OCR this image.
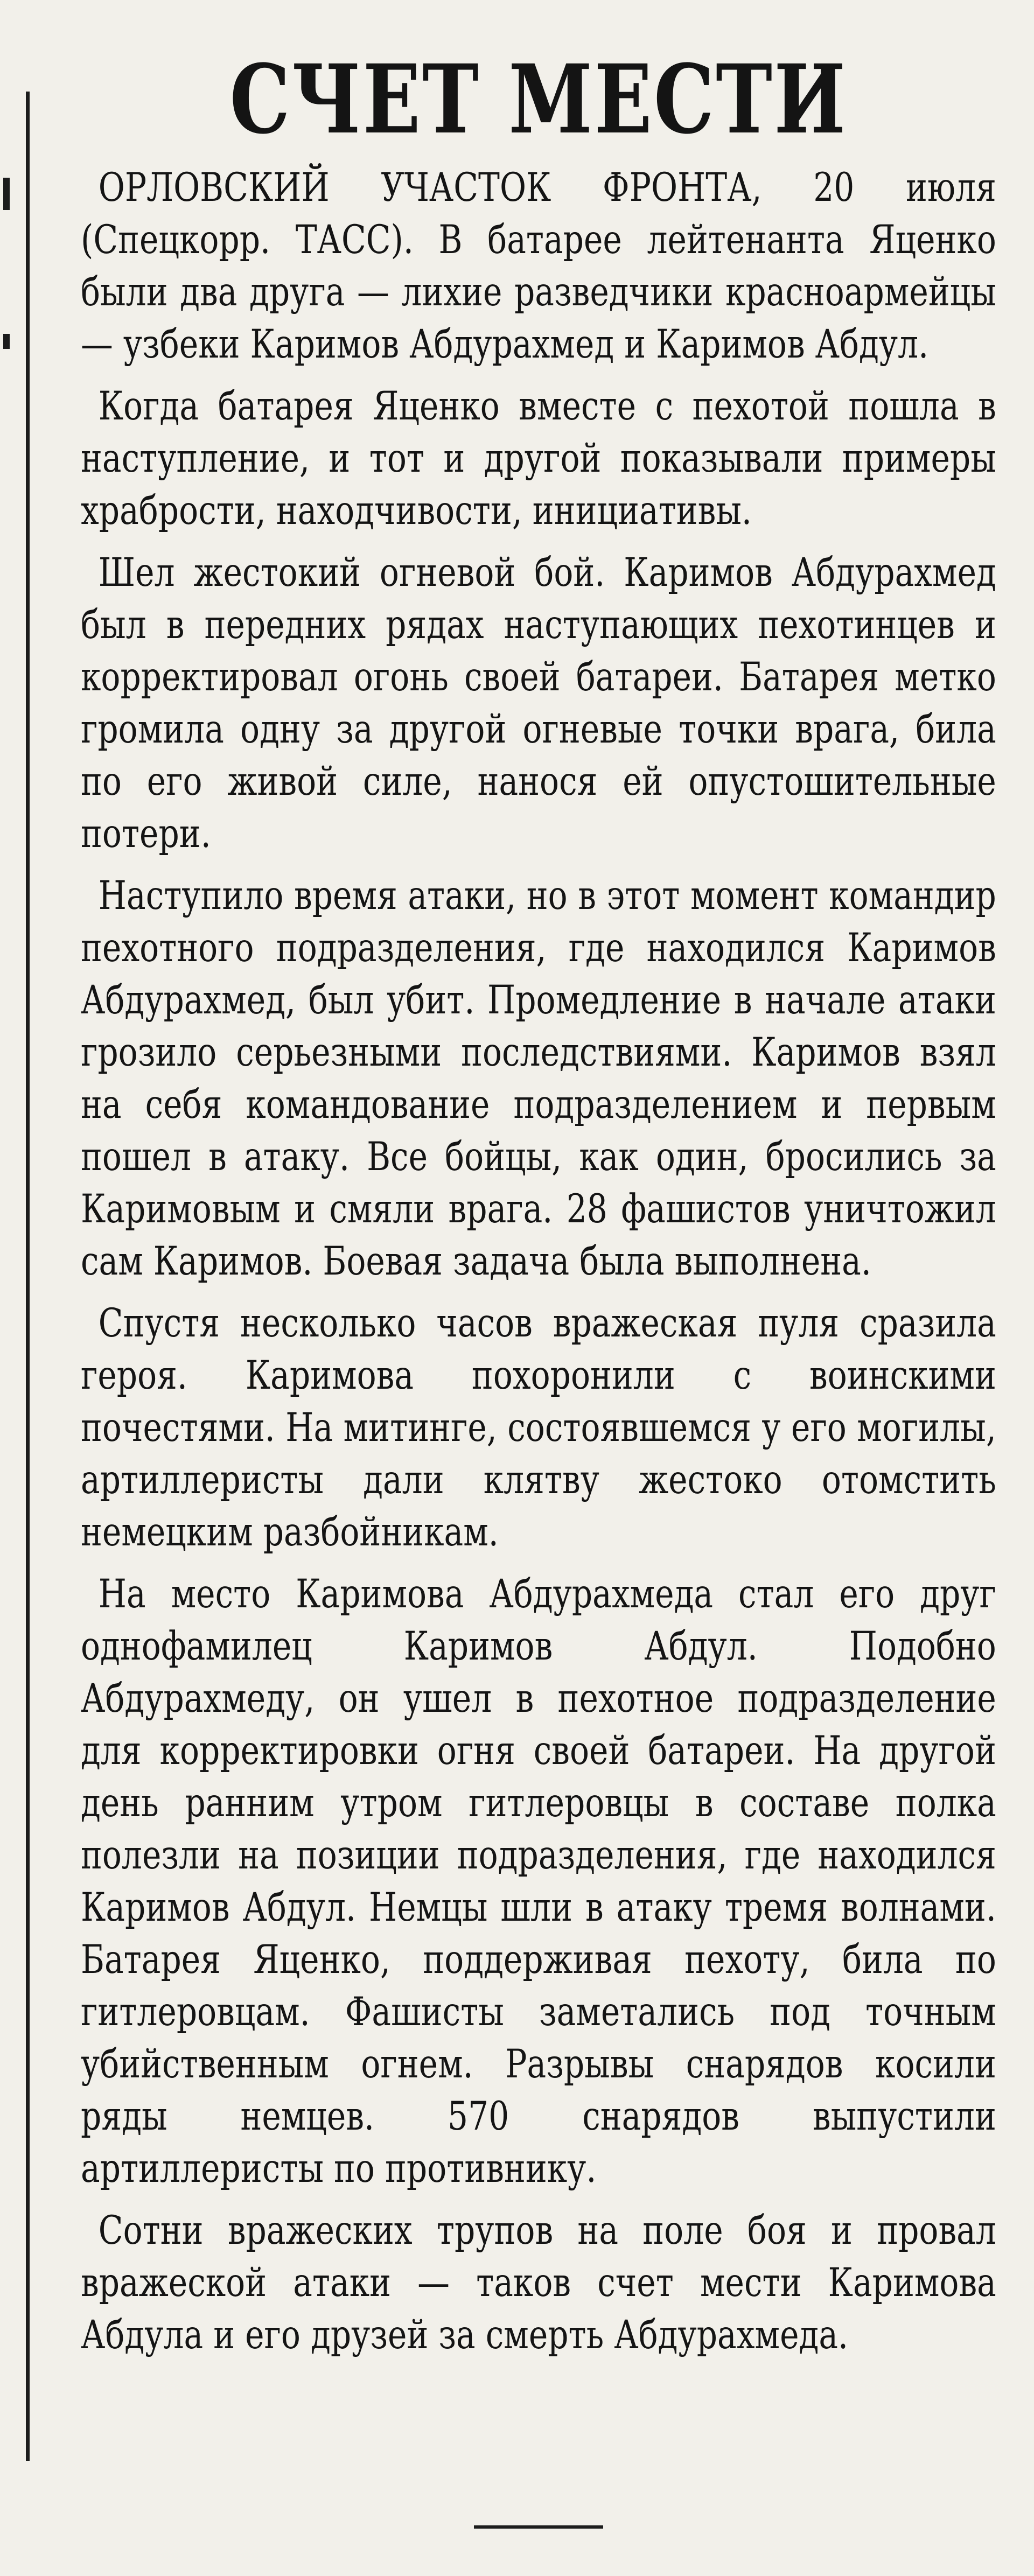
СЧЕТ МЕСТИ

ОРЛОВСКИЙ УЧАСТОК ФРОНТА, 20 июля (Спецкорр. ТАСС). В батарее лейтенанта Яценко были два друга — лихие разведчики красноармейцы — узбеки Каримов Абдурахмед и Каримов Абдул.

Когда батарея Яценко вместе с пехотой пошла в наступление, и тот и другой показывали примеры храбрости, находчивости, инициативы.

Шел жестокий огневой бой. Каримов Абдурахмед был в передних рядах наступающих пехотинцев и корректировал огонь своей батареи. Батарея метко громила одну за другой огневые точки врага, била по его живой силе, нанося ей опустошительные потери.

Наступило время атаки, но в этот момент командир пехотного подразделения, где находился Каримов Абдурахмед, был убит. Промедление в начале атаки грозило серьезными последствиями. Каримов взял на себя командование подразделением и первым пошел в атаку. Все бойцы, как один, бросились за Каримовым и смяли врага. 28 фашистов уничтожил сам Каримов. Боевая задача была выполнена.

Спустя несколько часов вражеская пуля сразила героя. Каримова похоронили с воинскими почестями. На митинге, состоявшемся у его могилы, артиллеристы дали клятву жестоко отомстить немецким разбойникам.

На место Каримова Абдурахмеда стал его друг однофамилец Каримов Абдул. Подобно Абдурахмеду, он ушел в пехотное подразделение для корректировки огня своей батареи. На другой день ранним утром гитлеровцы в составе полка полезли на позиции подразделения, где находился Каримов Абдул. Немцы шли в атаку тремя волнами. Батарея Яценко, поддерживая пехоту, била по гитлеровцам. Фашисты заметались под точным убийственным огнем. Разрывы снарядов косили ряды немцев. 570 снарядов выпустили артиллеристы по противнику.

Сотни вражеских трупов на поле боя и провал вражеской атаки — таков счет мести Каримова Абдула и его друзей за смерть Абдурахмеда.
